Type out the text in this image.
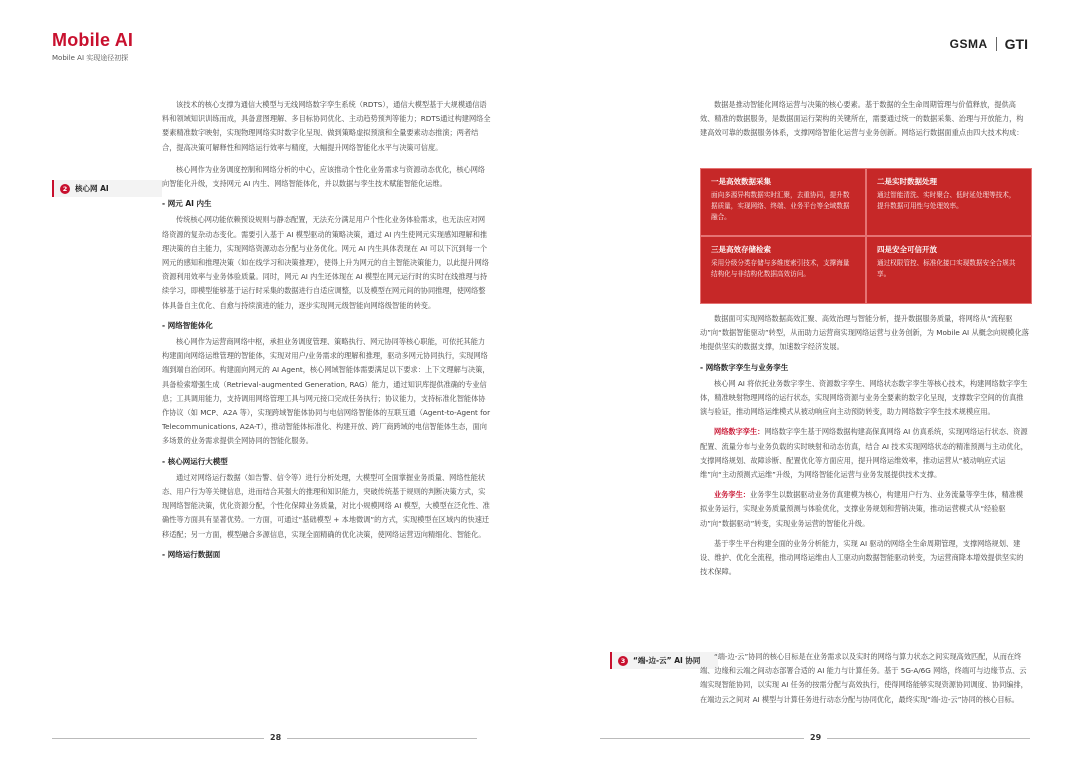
Mobile AI
Mobile AI 实现途径初探
GSMA GTI
2	核心网 AI

该技术的核心支撑为通信大模型与无线网络数字孪生系统（RDTS），通信大模型基于大规模通信语料和领域知识训练而成，具备意图理解、多目标协同优化、主动趋势预判等能力；RDTS通过构建网络全要素精准数字映射，实现物理网络实时数字化呈现、做到策略虚拟预演和全量要素动态推演；两者结合，提高决策可解释性和网络运行效率与精度，大幅提升网络智能化水平与决策可信度。

核心网作为业务调度控制和网络分析的中心，应该推动个性化业务需求与资源动态优化，核心网络向智能化升级，支持网元 AI 内生、网络智能体化，并以数据与孪生技术赋能智能化运维。

- 网元 AI 内生

传统核心网功能依赖预设规则与静态配置，无法充分满足用户个性化业务体验需求，也无法应对网络资源的复杂动态变化。需要引入基于 AI 模型驱动的策略决策，通过 AI 内生使网元实现感知理解和推理决策的自主能力，实现网络资源动态分配与业务优化。网元 AI 内生具体表现在 AI 可以下沉到每一个网元的感知和推理决策（如在线学习和决策推理），使得上升为网元的自主智能决策能力，以此提升网络资源利用效率与业务体验质量。同时，网元 AI 内生还体现在 AI 模型在网元运行时的实时在线推理与持续学习，即模型能够基于运行时采集的数据进行自适应调整，以及模型在网元间的协同推理，使网络整体具备自主优化、自愈与持续演进的能力，逐步实现网元级智能向网络级智能的转变。

- 网络智能体化

核心网作为运营商网络中枢，承担业务调度管理、策略执行、网元协同等核心职能，可依托其能力构建面向网络运维管理的智能体，实现对用户/业务需求的理解和推理，驱动多网元协同执行，实现网络端到端自治闭环。构建面向网元的 AI Agent，核心网域智能体需要满足以下要求：上下文理解与决策，具备检索增强生成（Retrieval-augmented Generation, RAG）能力，通过知识库提供准确的专业信息；工具调用能力，支持调用网络管理工具与网元接口完成任务执行；协议能力，支持标准化智能体协作协议（如 MCP、A2A 等），实现跨域智能体协同与电信网络智能体的互联互通（Agent-to-Agent for Telecommunications, A2A-T），推动智能体标准化、构建开放、跨厂商跨域的电信智能体生态，面向多场景的业务需求提供全网协同的智能化服务。

- 核心网运行大模型

通过对网络运行数据（如告警、信令等）进行分析处理，大模型可全面掌握业务质量、网络性能状态、用户行为等关键信息，进而结合其强大的推理和知识能力，突破传统基于规则的判断决策方式，实现网络智能决策，优化资源分配，个性化保障业务质量，对比小规模网络 AI 模型，大模型在泛化性、准确性等方面具有显著优势。一方面，可通过“基础模型 + 本地微调”的方式，实现模型在区域内的快速迁移适配；另一方面，模型融合多源信息，实现全面精确的优化决策，使网络运营迈向精细化、智能化。

- 网络运行数据面

数据是推动智能化网络运营与决策的核心要素。基于数据的全生命周期管理与价值释放，提供高效、精准的数据服务，是数据面运行架构的关键所在，需要通过统一的数据采集、治理与开放能力，构建高效可靠的数据服务体系，支撑网络智能化运营与业务创新。网络运行数据面重点由四大技术构成：

一是高效数据采集
面向多源异构数据实时汇聚，去重协同，提升数据质量，实现网络、终端、业务平台等全域数据融合。
二是实时数据处理
通过智能清洗、实时聚合、低时延处理等技术，提升数据可用性与处理效率。
三是高效存储检索
采用分级分类存储与多维度索引技术，支撑海量结构化与非结构化数据高效访问。
四是安全可信开放
通过权限管控、标准化接口实现数据安全合规共享。

数据面可实现网络数据高效汇聚、高效治理与智能分析，提升数据服务质量，将网络从“流程驱动”向“数据智能驱动”转型，从而助力运营商实现网络运营与业务创新，为 Mobile AI 从概念向规模化落地提供坚实的数据支撑，加速数字经济发展。

- 网络数字孪生与业务孪生

核心网 AI 将依托业务数字孪生、资源数字孪生、网络状态数字孪生等核心技术，构建网络数字孪生体，精准映射物理网络的运行状态，实现网络资源与业务全要素的数字化呈现，支撑数字空间的仿真推演与验证，推动网络运维模式从被动响应向主动预防转变，助力网络数字孪生技术规模应用。

网络数字孪生：网络数字孪生基于网络数据构建高保真网络 AI 仿真系统，实现网络运行状态、资源配置、流量分布与业务负载的实时映射和动态仿真，结合 AI 技术实现网络状态的精准预测与主动优化，支撑网络规划、故障诊断、配置优化等方面应用，提升网络运维效率，推动运营从“被动响应式运维”向“主动预测式运维”升级，为网络智能化运营与业务发展提供技术支撑。

业务孪生：业务孪生以数据驱动业务仿真建模为核心，构建用户行为、业务流量等孪生体，精准模拟业务运行，实现业务质量预测与体验优化，支撑业务规划和营销决策，推动运营模式从“经验驱动”向“数据驱动”转变，实现业务运营的智能化升级。

基于孪生平台构建全面的业务分析能力，实现 AI 驱动的网络全生命周期管理，支撑网络规划、建设、维护、优化全流程，推动网络运维由人工驱动向数据智能驱动转变，为运营商降本增效提供坚实的技术保障。

3	“端-边-云” AI 协同	“端-边-云”协同的核心目标是在业务需求以及实时的网络与算力状态之间实现高效匹配，从而在终端、边缘和云端之间动态部署合适的 AI 能力与计算任务。基于 5G-A/6G 网络，终端可与边缘节点、云端实现智能协同，以实现 AI 任务的按需分配与高效执行，使得网络能够实现资源协同调度、协同编排，在端边云之间对 AI 模型与计算任务进行动态分配与协同优化，最终实现“端-边-云”协同的核心目标。

28	29
